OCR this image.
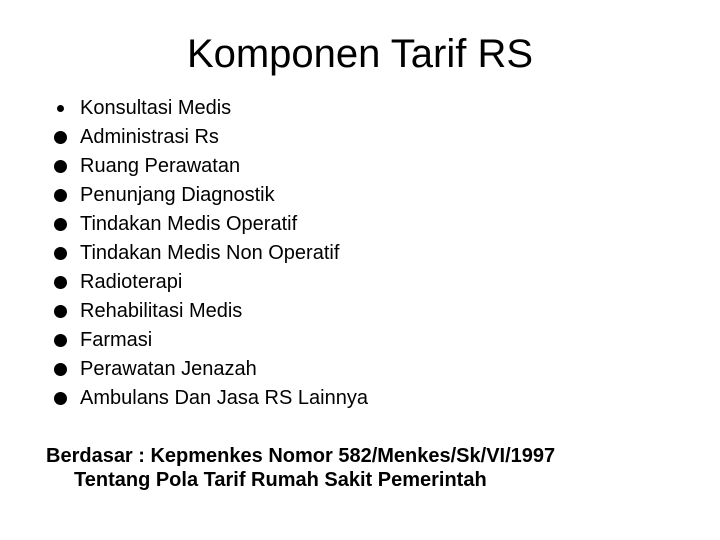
Komponen Tarif RS
Konsultasi Medis
Administrasi Rs
Ruang Perawatan
Penunjang Diagnostik
Tindakan Medis Operatif
Tindakan Medis Non Operatif
Radioterapi
Rehabilitasi Medis
Farmasi
Perawatan Jenazah
Ambulans Dan Jasa RS Lainnya

Berdasar : Kepmenkes Nomor 582/Menkes/Sk/VI/1997
Tentang Pola Tarif Rumah Sakit Pemerintah
